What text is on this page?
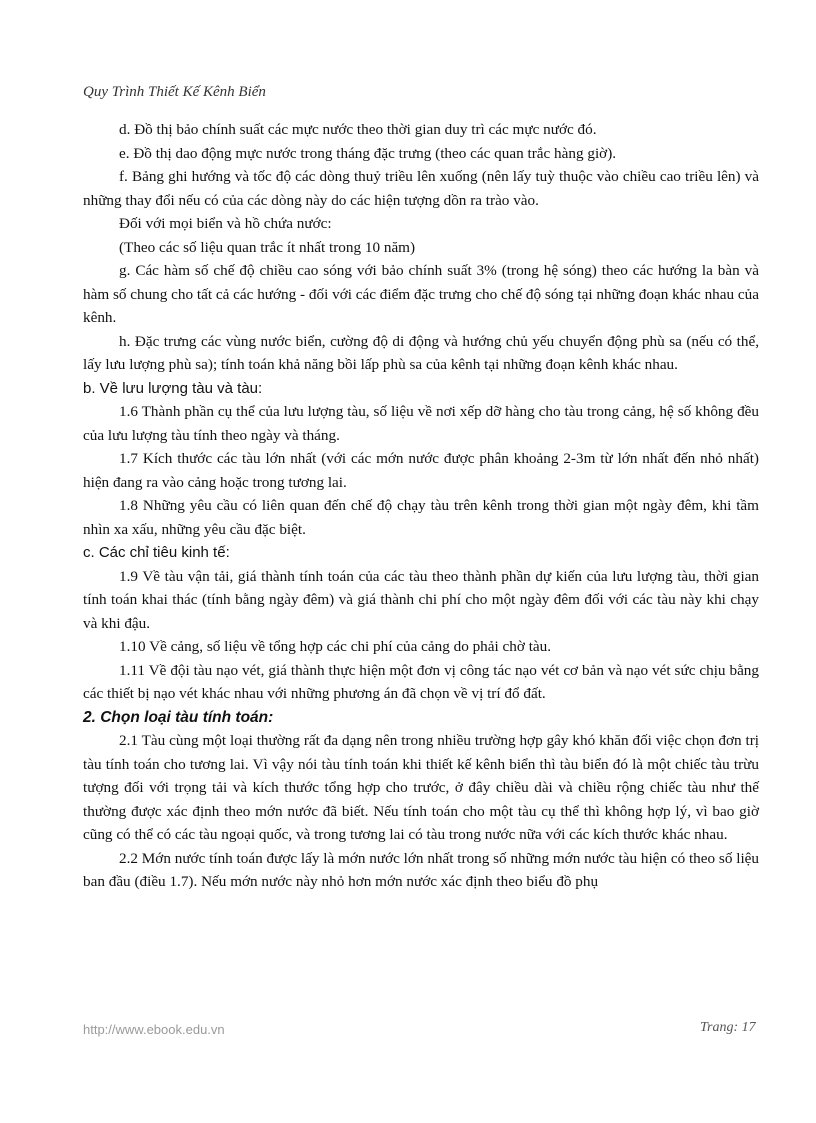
Quy Trình Thiết Kế Kênh Biển

d. Đồ thị bảo chính suất các mực nước theo thời gian duy trì các mực nước đó.

e. Đồ thị dao động mực nước trong tháng đặc trưng (theo các quan trắc hàng giờ).

f. Bảng ghi hướng và tốc độ các dòng thuỷ triều lên xuống (nên lấy tuỳ thuộc vào chiều cao triều lên) và những thay đổi nếu có của các dòng này do các hiện tượng dồn ra trào vào.

Đối với mọi biển và hồ chứa nước:

(Theo các số liệu quan trắc ít nhất trong 10 năm)

g. Các hàm số chế độ chiều cao sóng với bảo chính suất 3% (trong hệ sóng) theo các hướng la bàn và hàm số chung cho tất cả các hướng - đối với các điểm đặc trưng cho chế độ sóng tại những đoạn khác nhau của kênh.

h. Đặc trưng các vùng nước biển, cường độ di động và hướng chủ yếu chuyển động phù sa (nếu có thể, lấy lưu lượng phù sa); tính toán khả năng bồi lấp phù sa của kênh tại những đoạn kênh khác nhau.

b. Về lưu lượng tàu và tàu:

1.6 Thành phần cụ thể của lưu lượng tàu, số liệu về nơi xếp dỡ hàng cho tàu trong cảng, hệ số không đều của lưu lượng tàu tính theo ngày và tháng.

1.7 Kích thước các tàu lớn nhất (với các mớn nước được phân khoảng 2-3m từ lớn nhất đến nhỏ nhất) hiện đang ra vào cảng hoặc trong tương lai.

1.8 Những yêu cầu có liên quan đến chế độ chạy tàu trên kênh trong thời gian một ngày đêm, khi tầm nhìn xa xấu, những yêu cầu đặc biệt.

c. Các chỉ tiêu kinh tế:

1.9 Về tàu vận tải, giá thành tính toán của các tàu theo thành phần dự kiến của lưu lượng tàu, thời gian tính toán khai thác (tính bằng ngày đêm) và giá thành chi phí cho một ngày đêm đối với các tàu này khi chạy và khi đậu.

1.10 Về cảng, số liệu về tổng hợp các chi phí của cảng do phải chờ tàu.

1.11 Về đội tàu nạo vét, giá thành thực hiện một đơn vị công tác nạo vét cơ bản và nạo vét sức chịu bằng các thiết bị nạo vét khác nhau với những phương án đã chọn về vị trí đổ đất.

2. Chọn loại tàu tính toán:

2.1 Tàu cùng một loại thường rất đa dạng nên trong nhiều trường hợp gây khó khăn đối việc chọn đơn trị tàu tính toán cho tương lai. Vì vậy nói tàu tính toán khi thiết kế kênh biển thì tàu biển đó là một chiếc tàu trừu tượng đối với trọng tải và kích thước tổng hợp cho trước, ở đây chiều dài và chiều rộng chiếc tàu như thế thường được xác định theo mớn nước đã biết. Nếu tính toán cho một tàu cụ thể thì không hợp lý, vì bao giờ cũng có thể có các tàu ngoại quốc, và trong tương lai có tàu trong nước nữa với các kích thước khác nhau.

2.2 Mớn nước tính toán được lấy là mớn nước lớn nhất trong số những mớn nước tàu hiện có theo số liệu ban đầu (điều 1.7). Nếu mớn nước này nhỏ hơn mớn nước xác định theo biểu đồ phụ

http://www.ebook.edu.vn	Trang: 17
